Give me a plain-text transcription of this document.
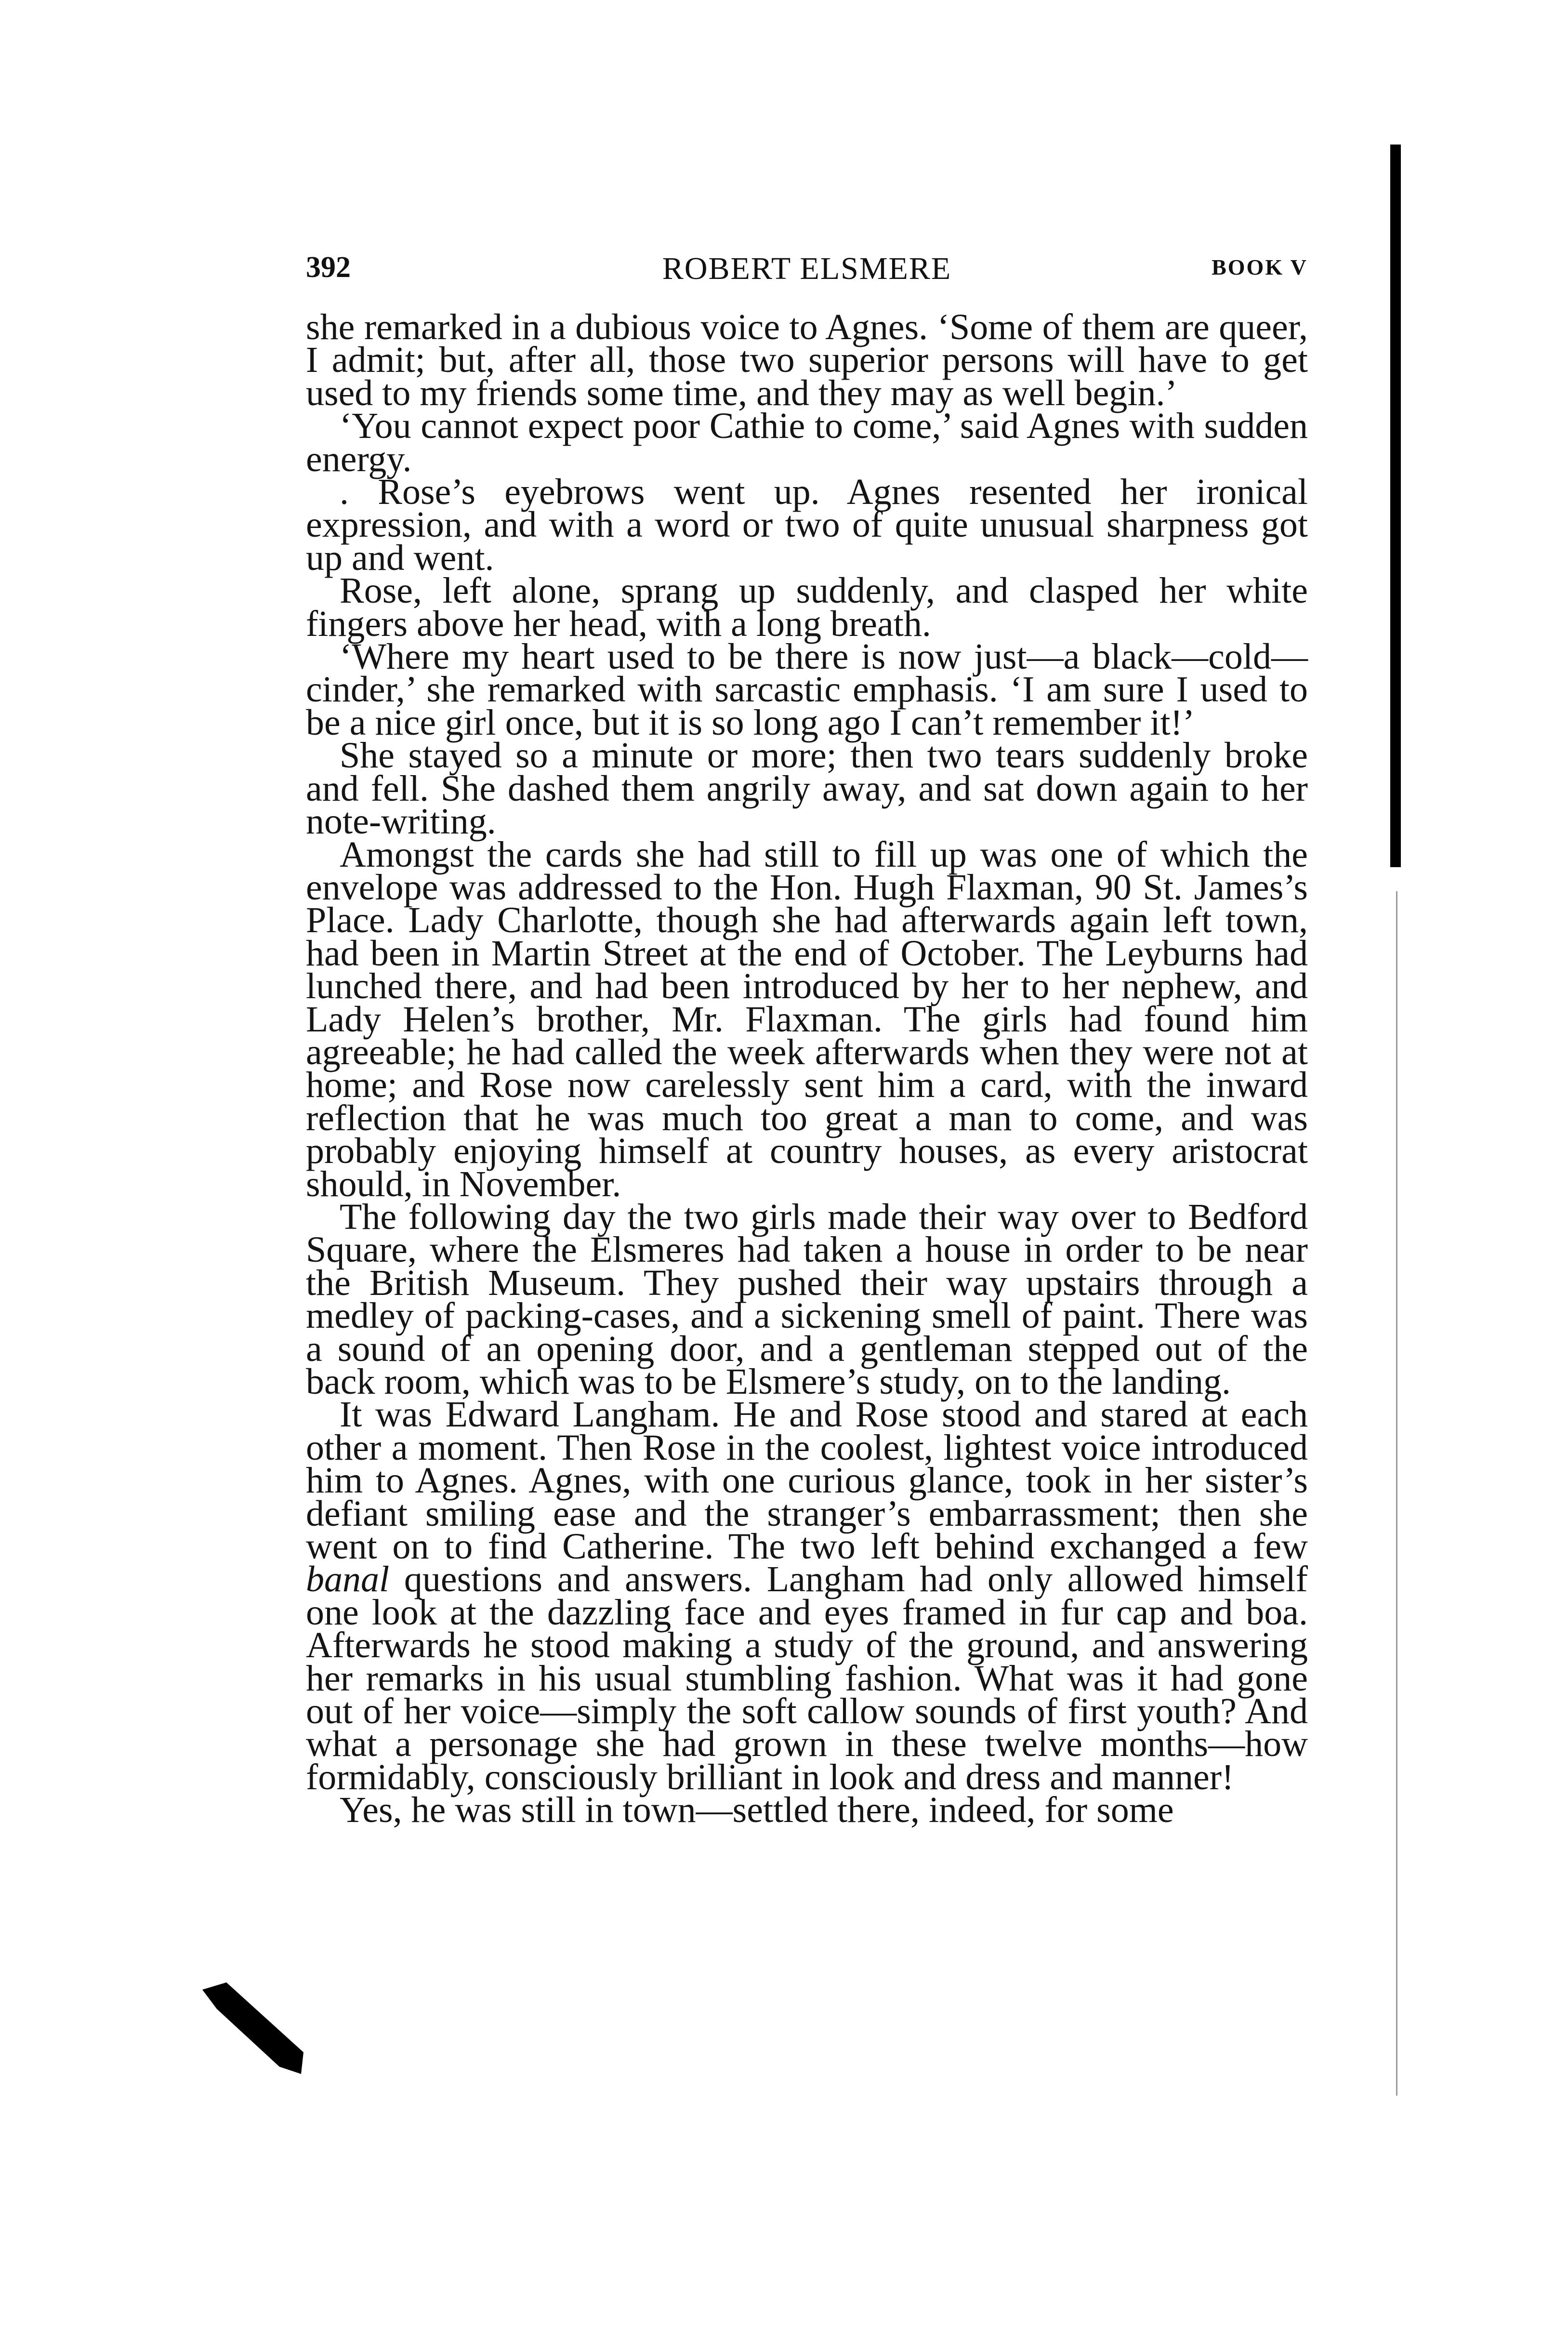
392	ROBERT ELSMERE	BOOK V

she remarked in a dubious voice to Agnes. ‘Some of them are queer, I admit; but, after all, those two superior persons will have to get used to my friends some time, and they may as well begin.’

‘You cannot expect poor Cathie to come,’ said Agnes with sudden energy.

. Rose’s eyebrows went up. Agnes resented her ironical expression, and with a word or two of quite unusual sharpness got up and went.

Rose, left alone, sprang up suddenly, and clasped her white fingers above her head, with a long breath.

‘Where my heart used to be there is now just—a black—cold—cinder,’ she remarked with sarcastic emphasis. ‘I am sure I used to be a nice girl once, but it is so long ago I can’t remember it!’

She stayed so a minute or more; then two tears suddenly broke and fell. She dashed them angrily away, and sat down again to her note-writing.

Amongst the cards she had still to fill up was one of which the envelope was addressed to the Hon. Hugh Flaxman, 90 St. James’s Place. Lady Charlotte, though she had afterwards again left town, had been in Martin Street at the end of October. The Leyburns had lunched there, and had been introduced by her to her nephew, and Lady Helen’s brother, Mr. Flaxman. The girls had found him agreeable; he had called the week afterwards when they were not at home; and Rose now carelessly sent him a card, with the inward reflection that he was much too great a man to come, and was probably enjoying himself at country houses, as every aristocrat should, in November.

The following day the two girls made their way over to Bedford Square, where the Elsmeres had taken a house in order to be near the British Museum. They pushed their way upstairs through a medley of packing-cases, and a sickening smell of paint. There was a sound of an opening door, and a gentleman stepped out of the back room, which was to be Elsmere’s study, on to the landing.

It was Edward Langham. He and Rose stood and stared at each other a moment. Then Rose in the coolest, lightest voice introduced him to Agnes. Agnes, with one curious glance, took in her sister’s defiant smiling ease and the stranger’s embarrassment; then she went on to find Catherine. The two left behind exchanged a few banal questions and answers. Langham had only allowed himself one look at the dazzling face and eyes framed in fur cap and boa. Afterwards he stood making a study of the ground, and answering her remarks in his usual stumbling fashion. What was it had gone out of her voice—simply the soft callow sounds of first youth? And what a personage she had grown in these twelve months—how formidably, consciously brilliant in look and dress and manner!

Yes, he was still in town—settled there, indeed, for some
